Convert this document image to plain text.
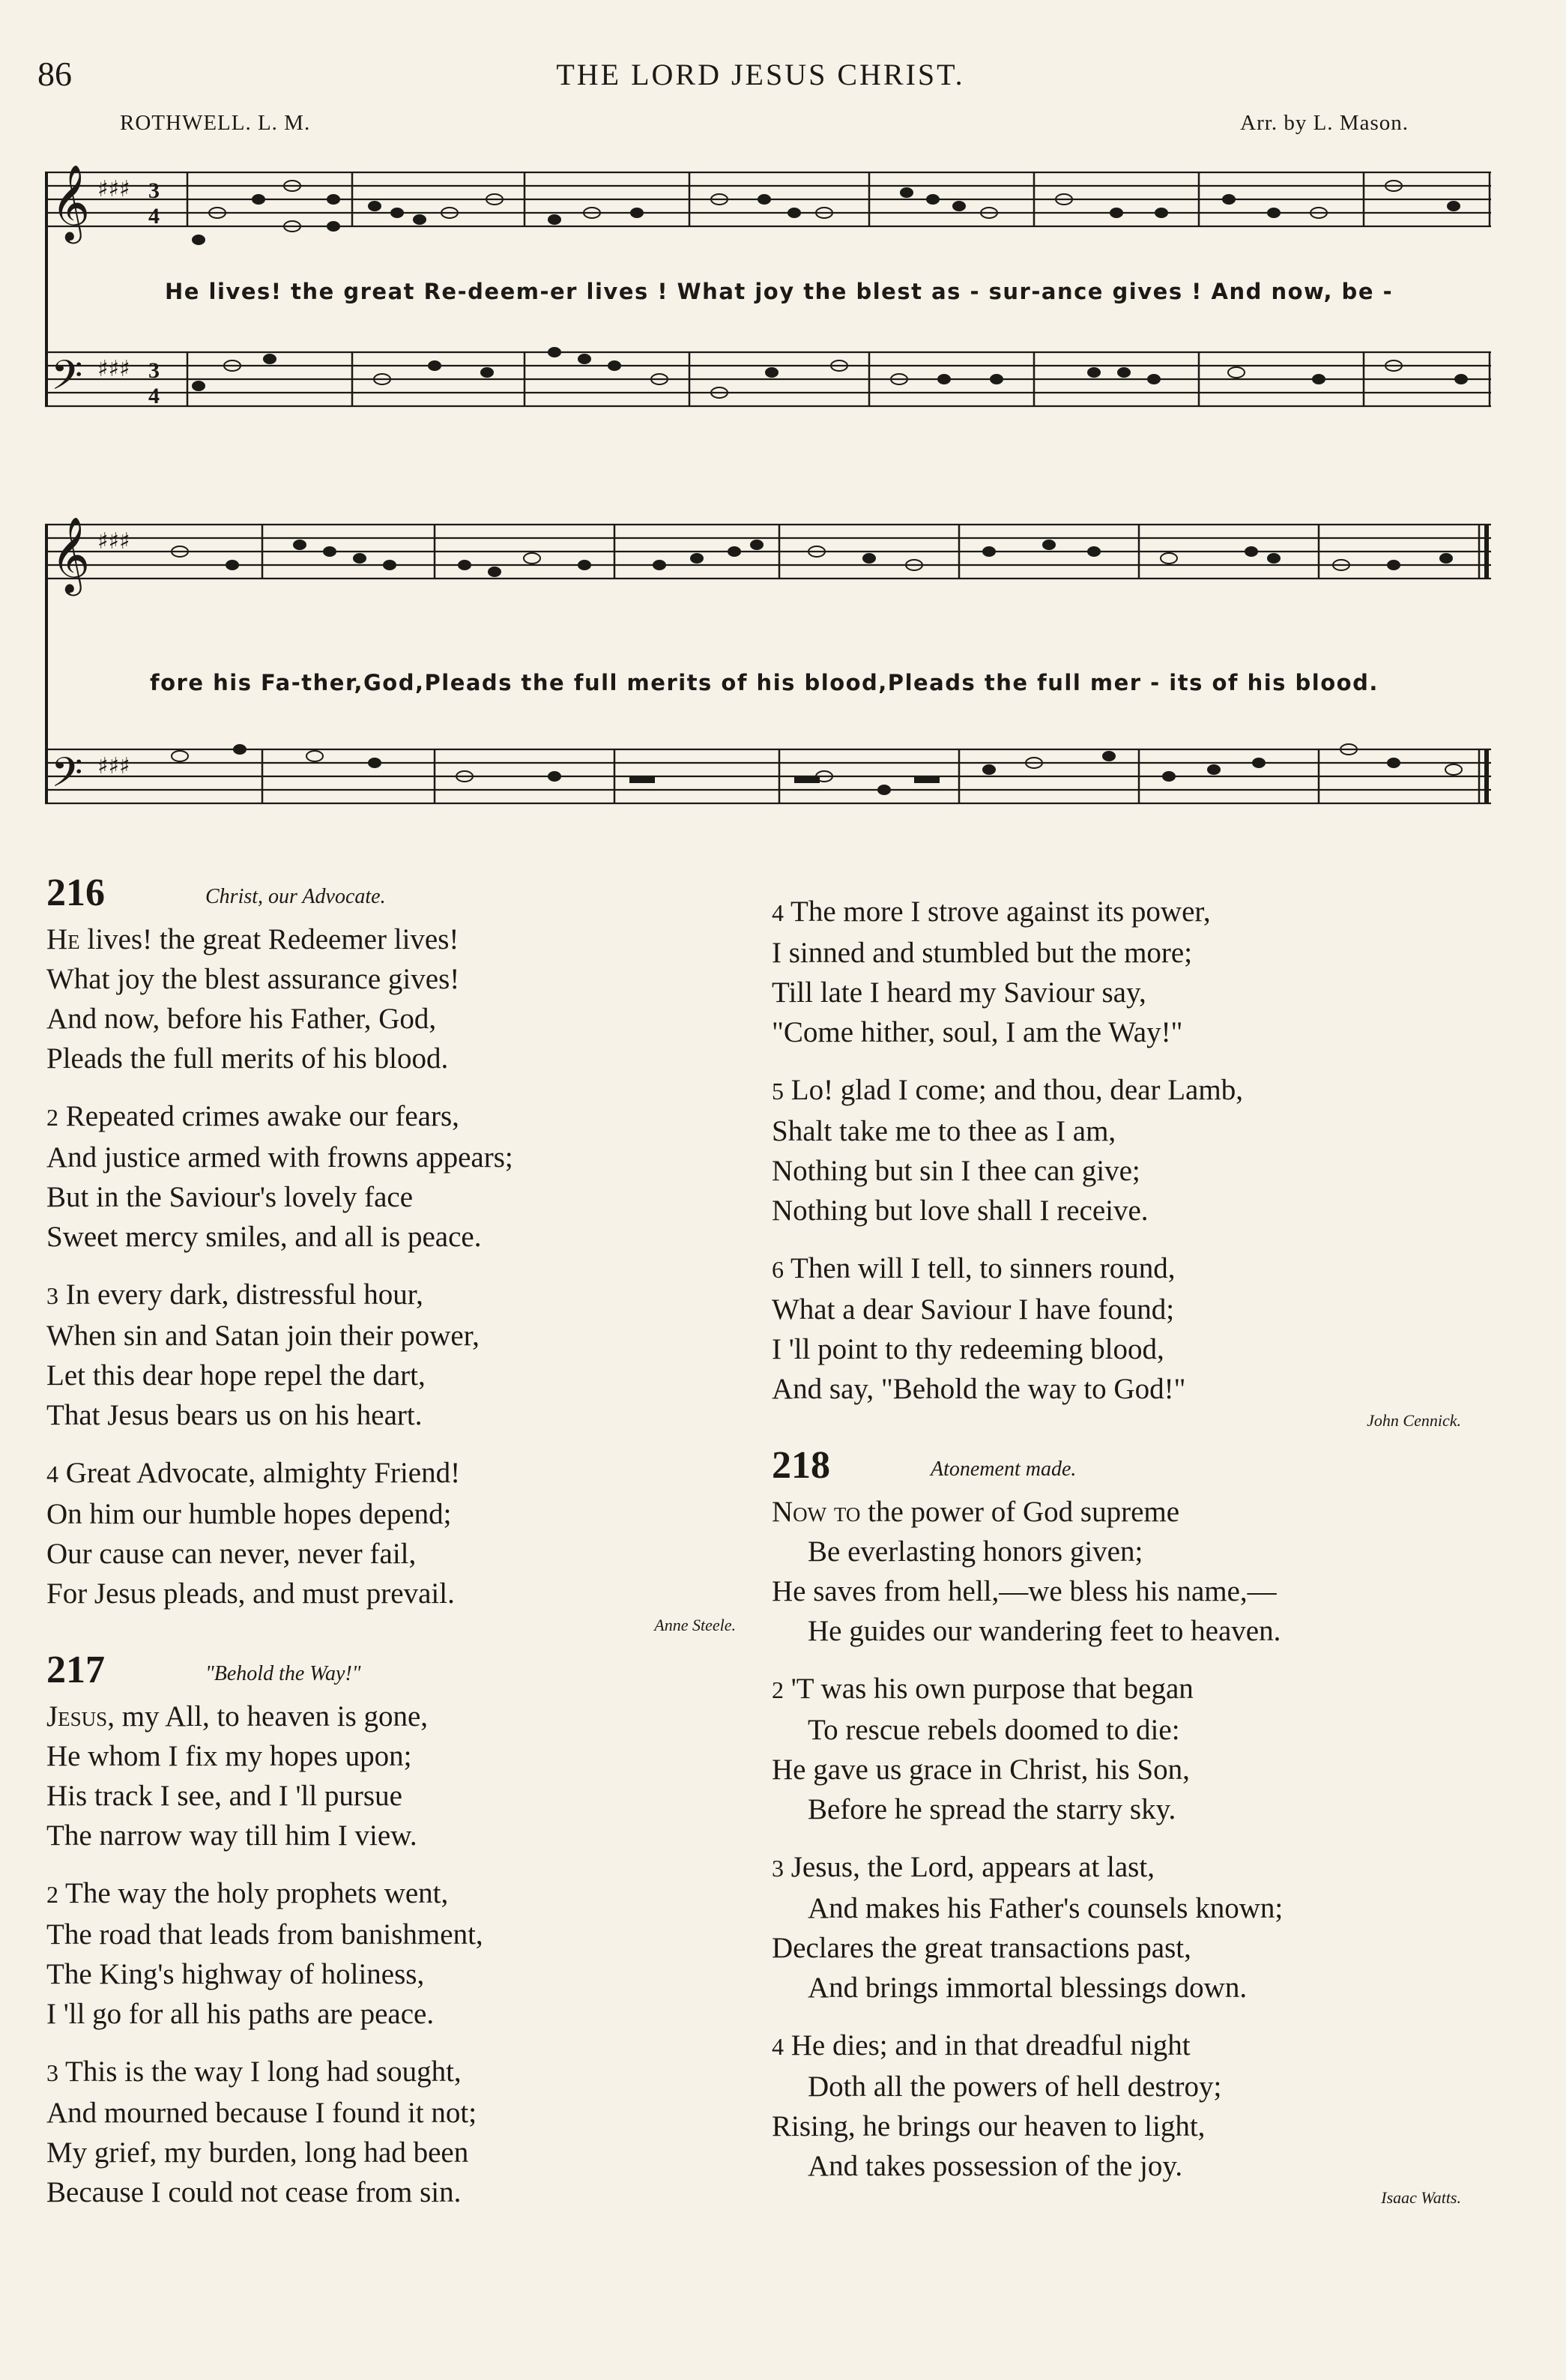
86	THE LORD JESUS CHRIST.
ROTHWELL. L. M.	Arr. by L. Mason.
𝄞
𝄢
♯♯♯
♯♯♯
3
4
3
4
He lives! the great Re-deem-er lives ! What joy the blest as - sur-ance gives ! And now, be -
𝄞
𝄢
♯♯♯
♯♯♯
fore his Fa-ther,God,Pleads the full merits of his blood,Pleads the full mer - its of his blood.
216	Christ, our Advocate.
He lives! the great Redeemer lives!
What joy the blest assurance gives!
And now, before his Father, God,
Pleads the full merits of his blood.
2 Repeated crimes awake our fears,
And justice armed with frowns appears;
But in the Saviour's lovely face
Sweet mercy smiles, and all is peace.
3 In every dark, distressful hour,
When sin and Satan join their power,
Let this dear hope repel the dart,
That Jesus bears us on his heart.
4 Great Advocate, almighty Friend!
On him our humble hopes depend;
Our cause can never, never fail,
For Jesus pleads, and must prevail.
Anne Steele.
217	"Behold the Way!"
Jesus, my All, to heaven is gone,
He whom I fix my hopes upon;
His track I see, and I 'll pursue
The narrow way till him I view.
2 The way the holy prophets went,
The road that leads from banishment,
The King's highway of holiness,
I 'll go for all his paths are peace.
3 This is the way I long had sought,
And mourned because I found it not;
My grief, my burden, long had been
Because I could not cease from sin.
4 The more I strove against its power,
I sinned and stumbled but the more;
Till late I heard my Saviour say,
"Come hither, soul, I am the Way!"
5 Lo! glad I come; and thou, dear Lamb,
Shalt take me to thee as I am,
Nothing but sin I thee can give;
Nothing but love shall I receive.
6 Then will I tell, to sinners round,
What a dear Saviour I have found;
I 'll point to thy redeeming blood,
And say, "Behold the way to God!"
John Cennick.
218	Atonement made.
Now to the power of God supreme
Be everlasting honors given;
He saves from hell,—we bless his name,—
He guides our wandering feet to heaven.
2 'T was his own purpose that began
To rescue rebels doomed to die:
He gave us grace in Christ, his Son,
Before he spread the starry sky.
3 Jesus, the Lord, appears at last,
And makes his Father's counsels known;
Declares the great transactions past,
And brings immortal blessings down.
4 He dies; and in that dreadful night
Doth all the powers of hell destroy;
Rising, he brings our heaven to light,
And takes possession of the joy.
Isaac Watts.
